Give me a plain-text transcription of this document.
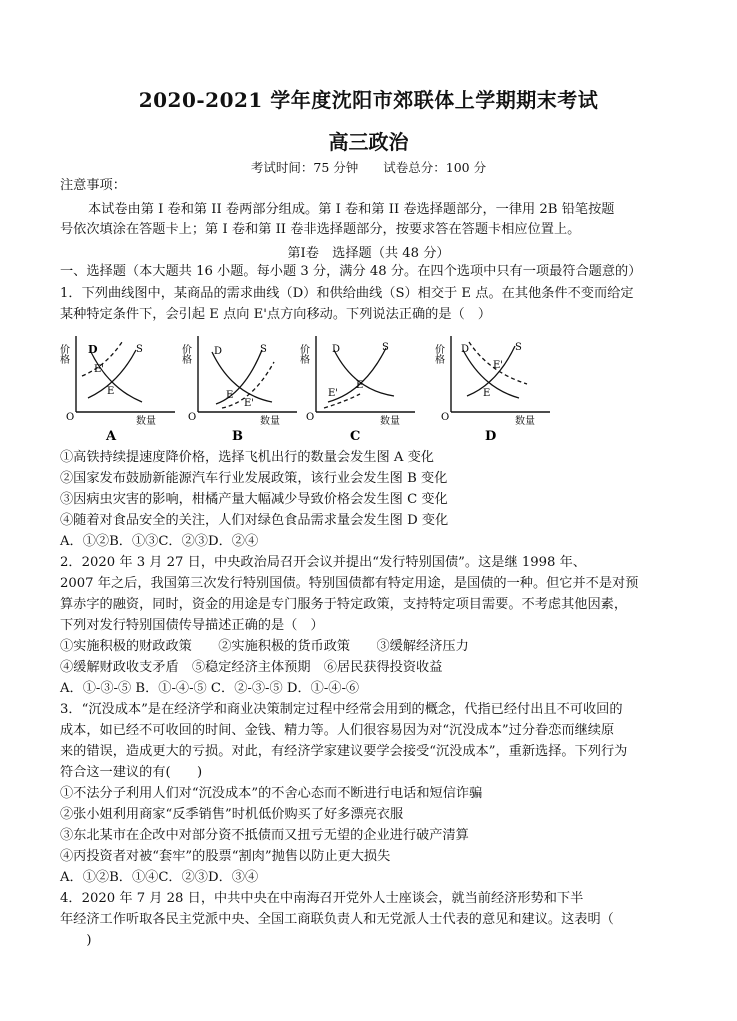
2020-2021 学年度沈阳市郊联体上学期期末考试
高三政治
考试时间：75 分钟　　试卷总分：100 分
注意事项：
本试卷由第 I 卷和第 II 卷两部分组成。第 I 卷和第 II 卷选择题部分，一律用 2B 铅笔按题
号依次填涂在答题卡上；第 I 卷和第 II 卷非选择题部分，按要求答在答题卡相应位置上。
第Ⅰ卷　选择题（共 48 分）
一、选择题（本大题共 16 小题。每小题 3 分，满分 48 分。在四个选项中只有一项最符合题意的）
1．下列曲线图中，某商品的需求曲线（D）和供给曲线（S）相交于 E 点。在其他条件不变而给定
某种特定条件下，会引起 E 点向 E'点方向移动。下列说法正确的是（　）
价格
数量
O
D	S
E
E'
A
价格
数量
O
D	S
E
E'
B
价格
数量
O
D	S
E
E'
C
价格
数量
O
D	S
E
E'
D
①高铁持续提速度降价格，选择飞机出行的数量会发生图 A 变化
②国家发布鼓励新能源汽车行业发展政策，该行业会发生图 B 变化
③因病虫灾害的影响，柑橘产量大幅减少导致价格会发生图 C 变化
④随着对食品安全的关注，人们对绿色食品需求量会发生图 D 变化
A．①②B．①③C．②③D．②④
2．2020 年 3 月 27 日，中央政治局召开会议并提出“发行特别国债”。这是继 1998 年、
2007 年之后，我国第三次发行特别国债。特别国债都有特定用途，是国债的一种。但它并不是对预
算赤字的融资，同时，资金的用途是专门服务于特定政策，支持特定项目需要。不考虑其他因素，
下列对发行特别国债传导描述正确的是（　）
①实施积极的财政政策　　②实施积极的货币政策　　③缓解经济压力
④缓解财政收支矛盾　⑤稳定经济主体预期　⑥居民获得投资收益
A．①-③-⑤ B．①-④-⑤ C．②-③-⑤ D．①-④-⑥
3．“沉没成本”是在经济学和商业决策制定过程中经常会用到的概念，代指已经付出且不可收回的
成本，如已经不可收回的时间、金钱、精力等。人们很容易因为对“沉没成本”过分眷恋而继续原
来的错误，造成更大的亏损。对此，有经济学家建议要学会接受“沉没成本”，重新选择。下列行为
符合这一建议的有(　　)
①不法分子利用人们对“沉没成本”的不舍心态而不断进行电话和短信诈骗
②张小姐利用商家“反季销售”时机低价购买了好多漂亮衣服
③东北某市在企改中对部分资不抵债而又扭亏无望的企业进行破产清算
④丙投资者对被“套牢”的股票“割肉”抛售以防止更大损失
A．①②B．①④C．②③D．③④
4．2020 年 7 月 28 日，中共中央在中南海召开党外人士座谈会，就当前经济形势和下半
年经济工作听取各民主党派中央、全国工商联负责人和无党派人士代表的意见和建议。这表明（
　　)
